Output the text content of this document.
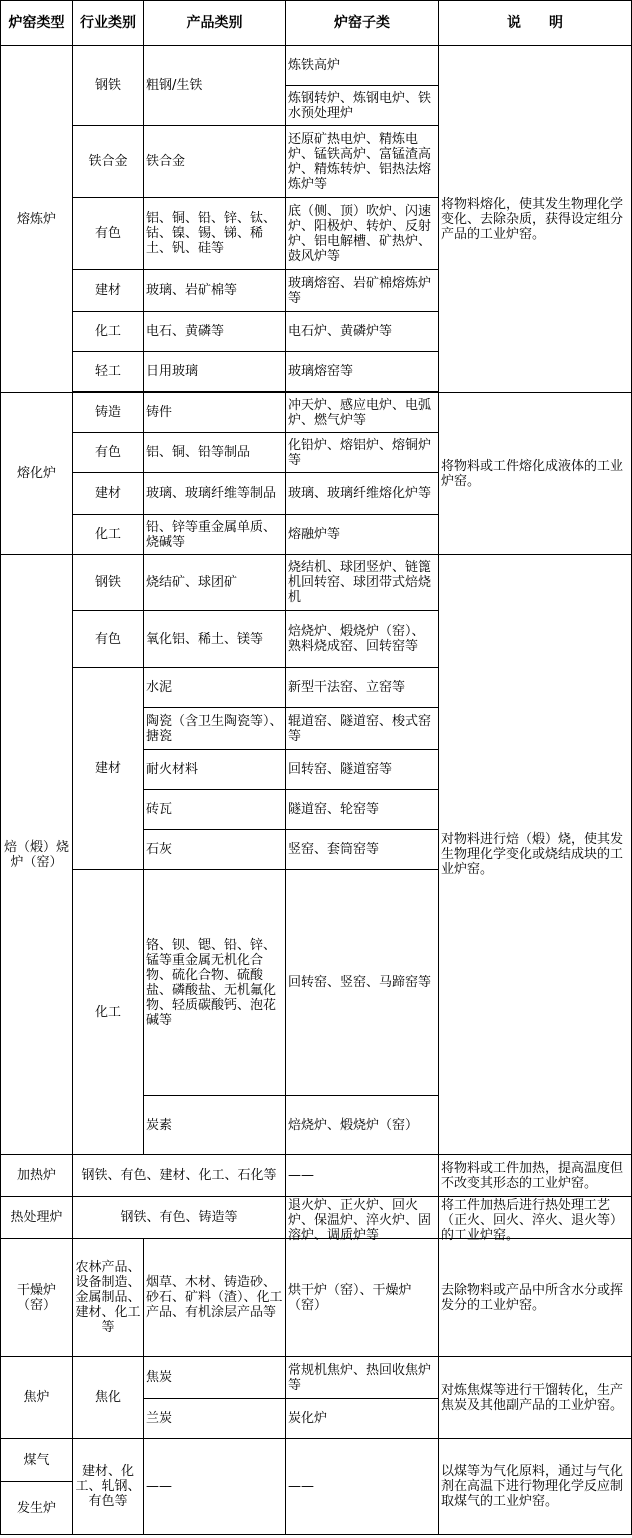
炉窑类型	行业类别	产品类别	炉窑子类	说　　明
熔炼炉	钢铁	粗钢/生铁	炼铁高炉	将物料熔化，使其发生物理化学变化、去除杂质，获得设定组分产品的工业炉窑。
			炼钢转炉、炼钢电炉、铁水预处理炉	
	铁合金	铁合金	还原矿热电炉、精炼电炉、锰铁高炉、富锰渣高炉、精炼转炉、铝热法熔炼炉等	
	有色	铝、铜、铅、锌、钛、钴、镍、锡、锑、稀土、钒、硅等	底（侧、顶）吹炉、闪速炉、阳极炉、转炉、反射炉、铝电解槽、矿热炉、鼓风炉等	
	建材	玻璃、岩矿棉等	玻璃熔窑、岩矿棉熔炼炉等	
	化工	电石、黄磷等	电石炉、黄磷炉等	
	轻工	日用玻璃	玻璃熔窑等	

熔化炉	铸造	铸件	冲天炉、感应电炉、电弧炉、燃气炉等	将物料或工件熔化成液体的工业炉窑。
	有色	铝、铜、铅等制品	化铅炉、熔铝炉、熔铜炉等	
	建材	玻璃、玻璃纤维等制品	玻璃、玻璃纤维熔化炉等	
	化工	铅、锌等重金属单质、烧碱等	熔融炉等	
焙（煅）烧炉（窑）	钢铁	烧结矿、球团矿	烧结机、球团竖炉、链篦机回转窑、球团带式焙烧机	对物料进行焙（煅）烧，使其发生物理化学变化或烧结成块的工业炉窑。
	有色	氧化铝、稀土、镁等	焙烧炉、煅烧炉（窑）、熟料烧成窑、回转窑等	
	建材	水泥	新型干法窑、立窑等	
		陶瓷（含卫生陶瓷等）、搪瓷	辊道窑、隧道窑、梭式窑等	
		耐火材料	回转窑、隧道窑等	
		砖瓦	隧道窑、轮窑等	
		石灰	竖窑、套筒窑等	
	化工	铬、钡、锶、铅、锌、锰等重金属无机化合物、硫化合物、硫酸盐、磷酸盐、无机氟化物、轻质碳酸钙、泡花碱等	回转窑、竖窑、马蹄窑等	
		炭素	焙烧炉、煅烧炉（窑）	
加热炉	钢铁、有色、建材、化工、石化等		——	将物料或工件加热，提高温度但不改变其形态的工业炉窑。
热处理炉	钢铁、有色、铸造等		退火炉、正火炉、回火炉、保温炉、淬火炉、固溶炉、调质炉等	将工件加热后进行热处理工艺（正火、回火、淬火、退火等）的工业炉窑。

干燥炉（窑）	农林产品、设备制造、金属制品、建材、化工等	烟草、木材、铸造砂、砂石、矿料（渣）、化工产品、有机涂层产品等	烘干炉（窑）、干燥炉（窑）	去除物料或产品中所含水分或挥发分的工业炉窑。
焦炉	焦化	焦炭	常规机焦炉、热回收焦炉等	对炼焦煤等进行干馏转化，生产焦炭及其他副产品的工业炉窑。
		兰炭	炭化炉	
煤气	建材、化工、轧钢、有色等	——	——	以煤等为气化原料，通过与气化剂在高温下进行物理化学反应制取煤气的工业炉窑。
发生炉				
